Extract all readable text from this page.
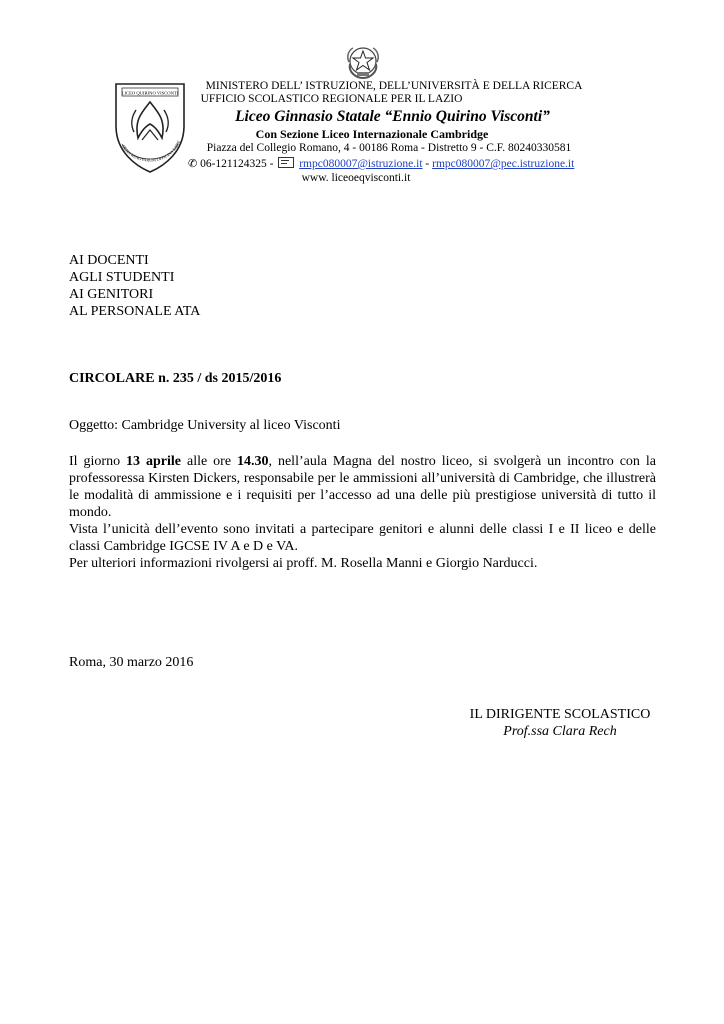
LICEO QUIRINO VISCONTI
ORBIS RENOVARUM OFFICINA SAPIE
MINISTERO DELL’ ISTRUZIONE, DELL’UNIVERSITÀ E DELLA RICERCA
UFFICIO SCOLASTICO REGIONALE PER IL LAZIO
Liceo Ginnasio Statale “Ennio Quirino Visconti”
Con Sezione Liceo Internazionale Cambridge
Piazza del Collegio Romano, 4 - 00186 Roma - Distretto 9 - C.F. 80240330581
✆ 06-121124325 - rmpc080007@istruzione.it - rmpc080007@pec.istruzione.it
www. liceoeqvisconti.it
AI DOCENTI
AGLI STUDENTI
AI GENITORI
AL PERSONALE ATA
CIRCOLARE n. 235 / ds 2015/2016
Oggetto: Cambridge University al liceo Visconti
Il giorno 13 aprile alle ore 14.30, nell’aula Magna del nostro liceo, si svolgerà un incontro con la professoressa Kirsten Dickers, responsabile per le ammissioni all’università di Cambridge, che illustrerà le modalità di ammissione e i requisiti per l’accesso ad una delle più prestigiose università di tutto il mondo.
Vista l’unicità dell’evento sono invitati a partecipare genitori e alunni delle classi I e II liceo e delle classi Cambridge IGCSE IV A e D e VA.
Per ulteriori informazioni rivolgersi ai proff. M. Rosella Manni e Giorgio Narducci.
Roma, 30 marzo 2016
IL DIRIGENTE SCOLASTICO
Prof.ssa Clara Rech
